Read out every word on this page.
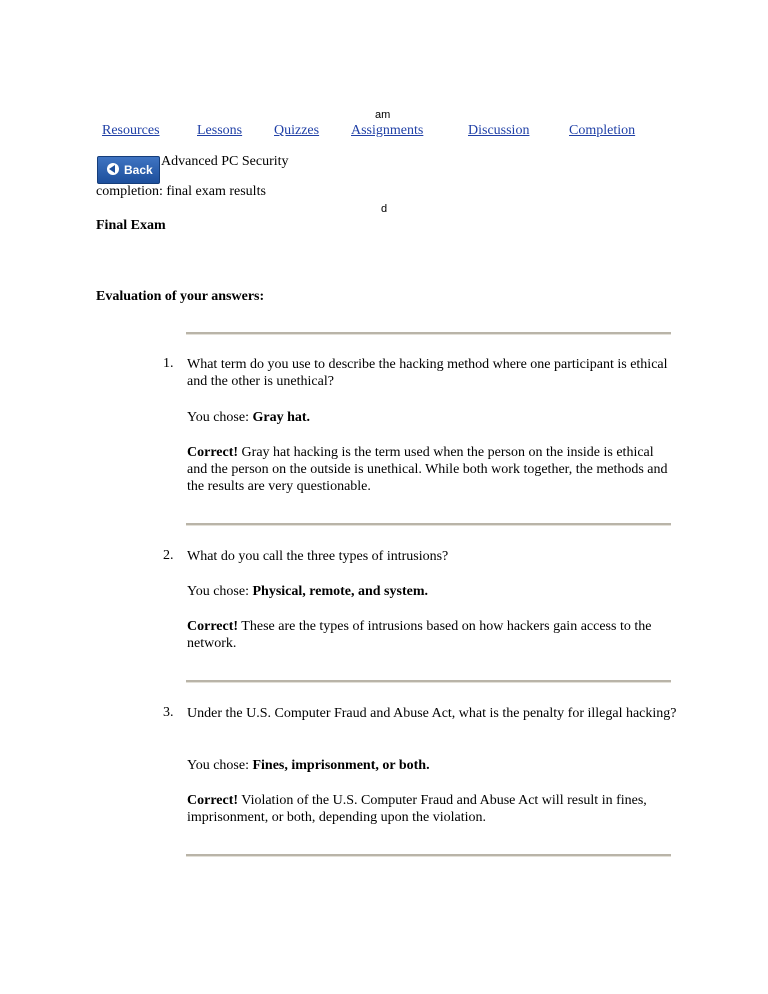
am
Resources	Lessons Quizzes Assignments	Discussion	Completion
Back
Advanced PC Security
completion: final exam results
d
Final Exam
Evaluation of your answers:
1. What term do you use to describe the hacking method where one participant is ethical and the other is unethical?
You chose: Gray hat.
Correct! Gray hat hacking is the term used when the person on the inside is ethical and the person on the outside is unethical. While both work together, the methods and the results are very questionable.
2. What do you call the three types of intrusions?
You chose: Physical, remote, and system.
Correct! These are the types of intrusions based on how hackers gain access to the network.
3. Under the U.S. Computer Fraud and Abuse Act, what is the penalty for illegal hacking?
You chose: Fines, imprisonment, or both.
Correct! Violation of the U.S. Computer Fraud and Abuse Act will result in fines, imprisonment, or both, depending upon the violation.
